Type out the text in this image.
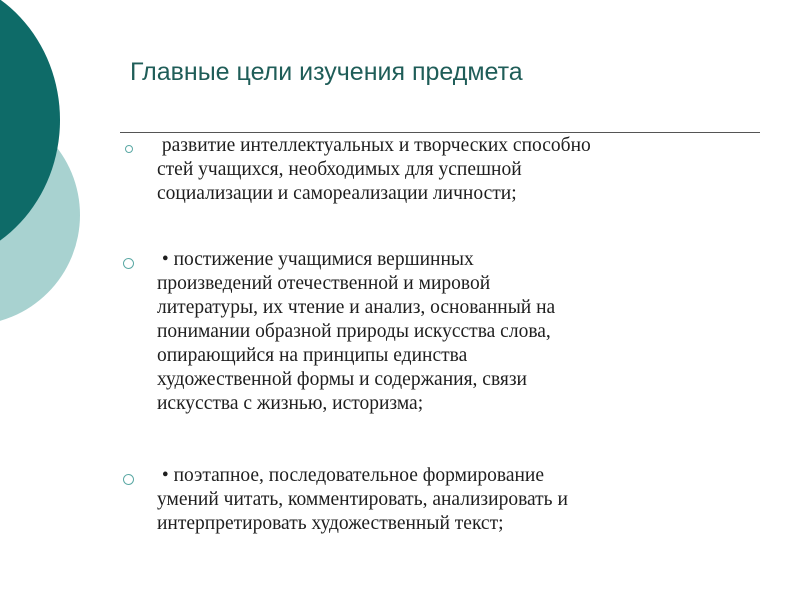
Главные цели изучения предмета
развитие интеллектуальных и творческих способно
стей учащихся, необходимых для успешной
социализации и самореализации личности;
• постижение учащимися вершинных
произведений отечественной и мировой
литературы, их чтение и анализ, основанный на
понимании образной природы искусства слова,
опирающийся на принципы единства
художественной формы и содержания, связи
искусства с жизнью, историзма;
• поэтапное, последовательное формирование
умений читать, комментировать, анализировать и
интерпретировать художественный текст;
